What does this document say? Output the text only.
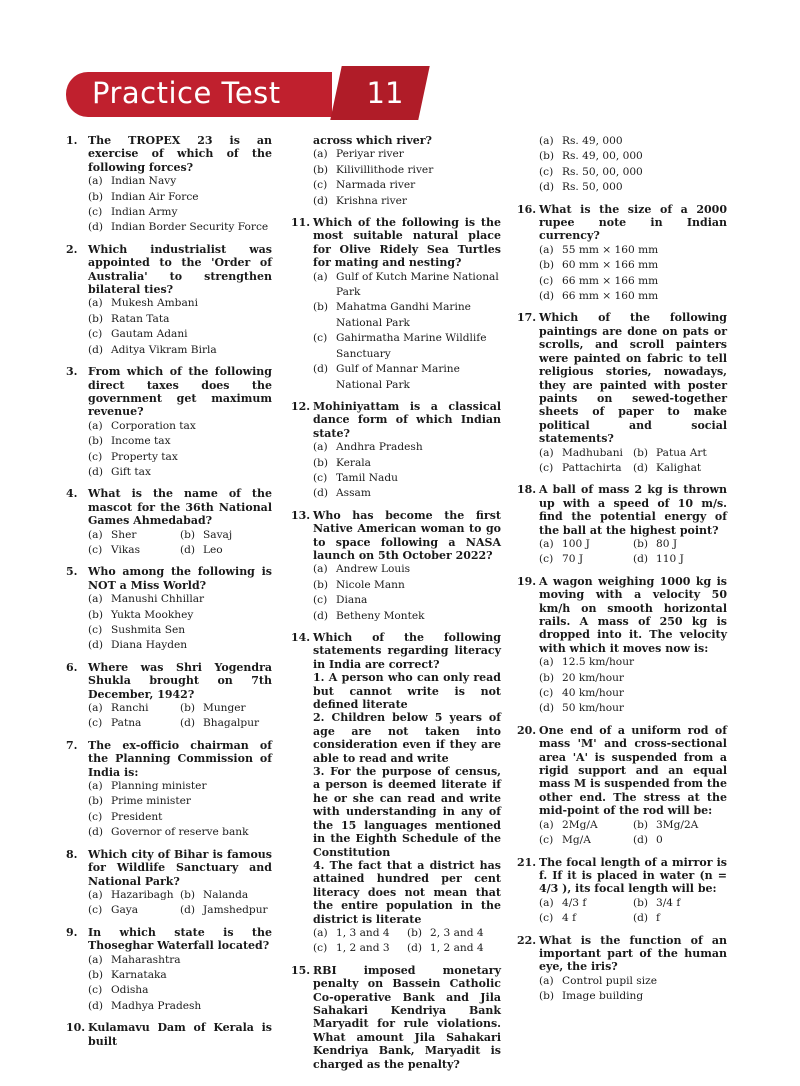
Practice Test	11
1. The TROPEX 23 is an exercise of which of the following forces?
(a) Indian Navy
(b) Indian Air Force
(c) Indian Army
(d) Indian Border Security Force
2. Which industrialist was appointed to the 'Order of Australia' to strengthen bilateral ties?
(a) Mukesh Ambani
(b) Ratan Tata
(c) Gautam Adani
(d) Aditya Vikram Birla
3. From which of the following direct taxes does the government get maximum revenue?
(a) Corporation tax
(b) Income tax
(c) Property tax
(d) Gift tax
4. What is the name of the mascot for the 36th National Games Ahmedabad?
(a) Sher	(b) Savaj
(c) Vikas	(d) Leo
5. Who among the following is NOT a Miss World?
(a) Manushi Chhillar
(b) Yukta Mookhey
(c) Sushmita Sen
(d) Diana Hayden
6. Where was Shri Yogendra Shukla brought on 7th December, 1942?
(a) Ranchi	(b) Munger
(c) Patna	(d) Bhagalpur
7. The ex-officio chairman of the Planning Commission of India is:
(a) Planning minister
(b) Prime minister
(c) President
(d) Governor of reserve bank
8. Which city of Bihar is famous for Wildlife Sanctuary and National Park?
(a) Hazaribagh (b) Nalanda
(c) Gaya	(d) Jamshedpur
9. In which state is the Thoseghar Waterfall located?
(a) Maharashtra
(b) Karnataka
(c) Odisha
(d) Madhya Pradesh
10. Kulamavu Dam of Kerala is built
across which river?
(a) Periyar river
(b) Kilivillithode river
(c) Narmada river
(d) Krishna river
11. Which of the following is the most suitable natural place for Olive Ridely Sea Turtles for mating and nesting?
(a) Gulf of Kutch Marine National Park
(b) Mahatma Gandhi Marine National Park
(c) Gahirmatha Marine Wildlife Sanctuary
(d) Gulf of Mannar Marine National Park
12. Mohiniyattam is a classical dance form of which Indian state?
(a) Andhra Pradesh
(b) Kerala
(c) Tamil Nadu
(d) Assam
13. Who has become the first Native American woman to go to space following a NASA launch on 5th October 2022?
(a) Andrew Louis
(b) Nicole Mann
(c) Diana
(d) Betheny Montek
14. Which of the following statements regarding literacy in India are correct?
1. A person who can only read but cannot write is not defined literate
2. Children below 5 years of age are not taken into consideration even if they are able to read and write
3. For the purpose of census, a person is deemed literate if he or she can read and write with understanding in any of the 15 languages mentioned in the Eighth Schedule of the Constitution
4. The fact that a district has attained hundred per cent literacy does not mean that the entire population in the district is literate
(a) 1, 3 and 4	(b) 2, 3 and 4
(c) 1, 2 and 3	(d) 1, 2 and 4
15. RBI imposed monetary penalty on Bassein Catholic Co-operative Bank and Jila Sahakari Kendriya Bank Maryadit for rule violations. What amount Jila Sahakari Kendriya Bank, Maryadit is charged as the penalty?
(a) Rs. 49, 000
(b) Rs. 49, 00, 000
(c) Rs. 50, 00, 000
(d) Rs. 50, 000
16. What is the size of a 2000 rupee note in Indian currency?
(a) 55 mm × 160 mm
(b) 60 mm × 166 mm
(c) 66 mm × 166 mm
(d) 66 mm × 160 mm
17. Which of the following paintings are done on pats or scrolls, and scroll painters were painted on fabric to tell religious stories, nowadays, they are painted with poster paints on sewed-together sheets of paper to make political and social statements?
(a) Madhubani (b) Patua Art
(c) Pattachirta	(d) Kalighat
18. A ball of mass 2 kg is thrown up with a speed of 10 m/s. find the potential energy of the ball at the highest point?
(a) 100 J	(b) 80 J
(c) 70 J	(d) 110 J
19. A wagon weighing 1000 kg is moving with a velocity 50 km/h on smooth horizontal rails. A mass of 250 kg is dropped into it. The velocity with which it moves now is:
(a) 12.5 km/hour
(b) 20 km/hour
(c) 40 km/hour
(d) 50 km/hour
20. One end of a uniform rod of mass 'M' and cross-sectional area 'A' is suspended from a rigid support and an equal mass M is suspended from the other end. The stress at the mid-point of the rod will be:
(a) 2Mg/A	(b) 3Mg/2A
(c) Mg/A	(d) 0
21. The focal length of a mirror is f. If it is placed in water (n = 4/3 ), its focal length will be:
(a) 4/3 f	(b) 3/4 f
(c) 4 f	(d) f
22. What is the function of an important part of the human eye, the iris?
(a) Control pupil size
(b) Image building
